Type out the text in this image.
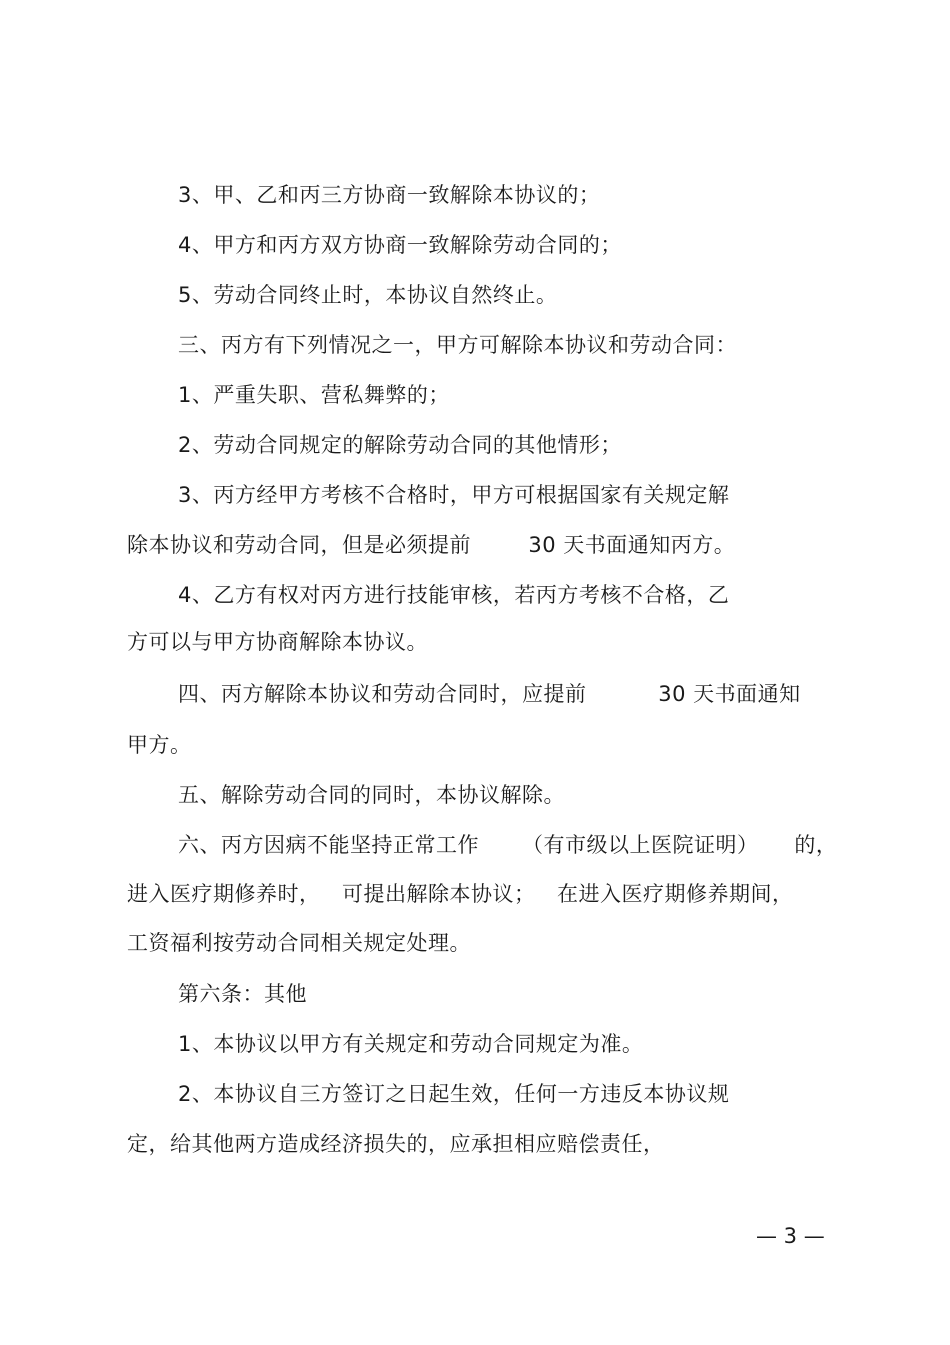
3、甲、乙和丙三方协商一致解除本协议的；
4、甲方和丙方双方协商一致解除劳动合同的；
5、劳动合同终止时，本协议自然终止。
三、丙方有下列情况之一，甲方可解除本协议和劳动合同：
1、严重失职、营私舞弊的；
2、劳动合同规定的解除劳动合同的其他情形；
3、丙方经甲方考核不合格时，甲方可根据国家有关规定解
除本协议和劳动合同，但是必须提前        30 天书面通知丙方。
4、乙方有权对丙方进行技能审核，若丙方考核不合格，乙
方可以与甲方协商解除本协议。
四、丙方解除本协议和劳动合同时，应提前          30 天书面通知
甲方。
五、解除劳动合同的同时，本协议解除。
六、丙方因病不能坚持正常工作      （有市级以上医院证明）     的，
进入医疗期修养时，   可提出解除本协议；   在进入医疗期修养期间，
工资福利按劳动合同相关规定处理。
第六条：其他
1、本协议以甲方有关规定和劳动合同规定为准。
2、本协议自三方签订之日起生效，任何一方违反本协议规
定，给其他两方造成经济损失的，应承担相应赔偿责任，
— 3 —
